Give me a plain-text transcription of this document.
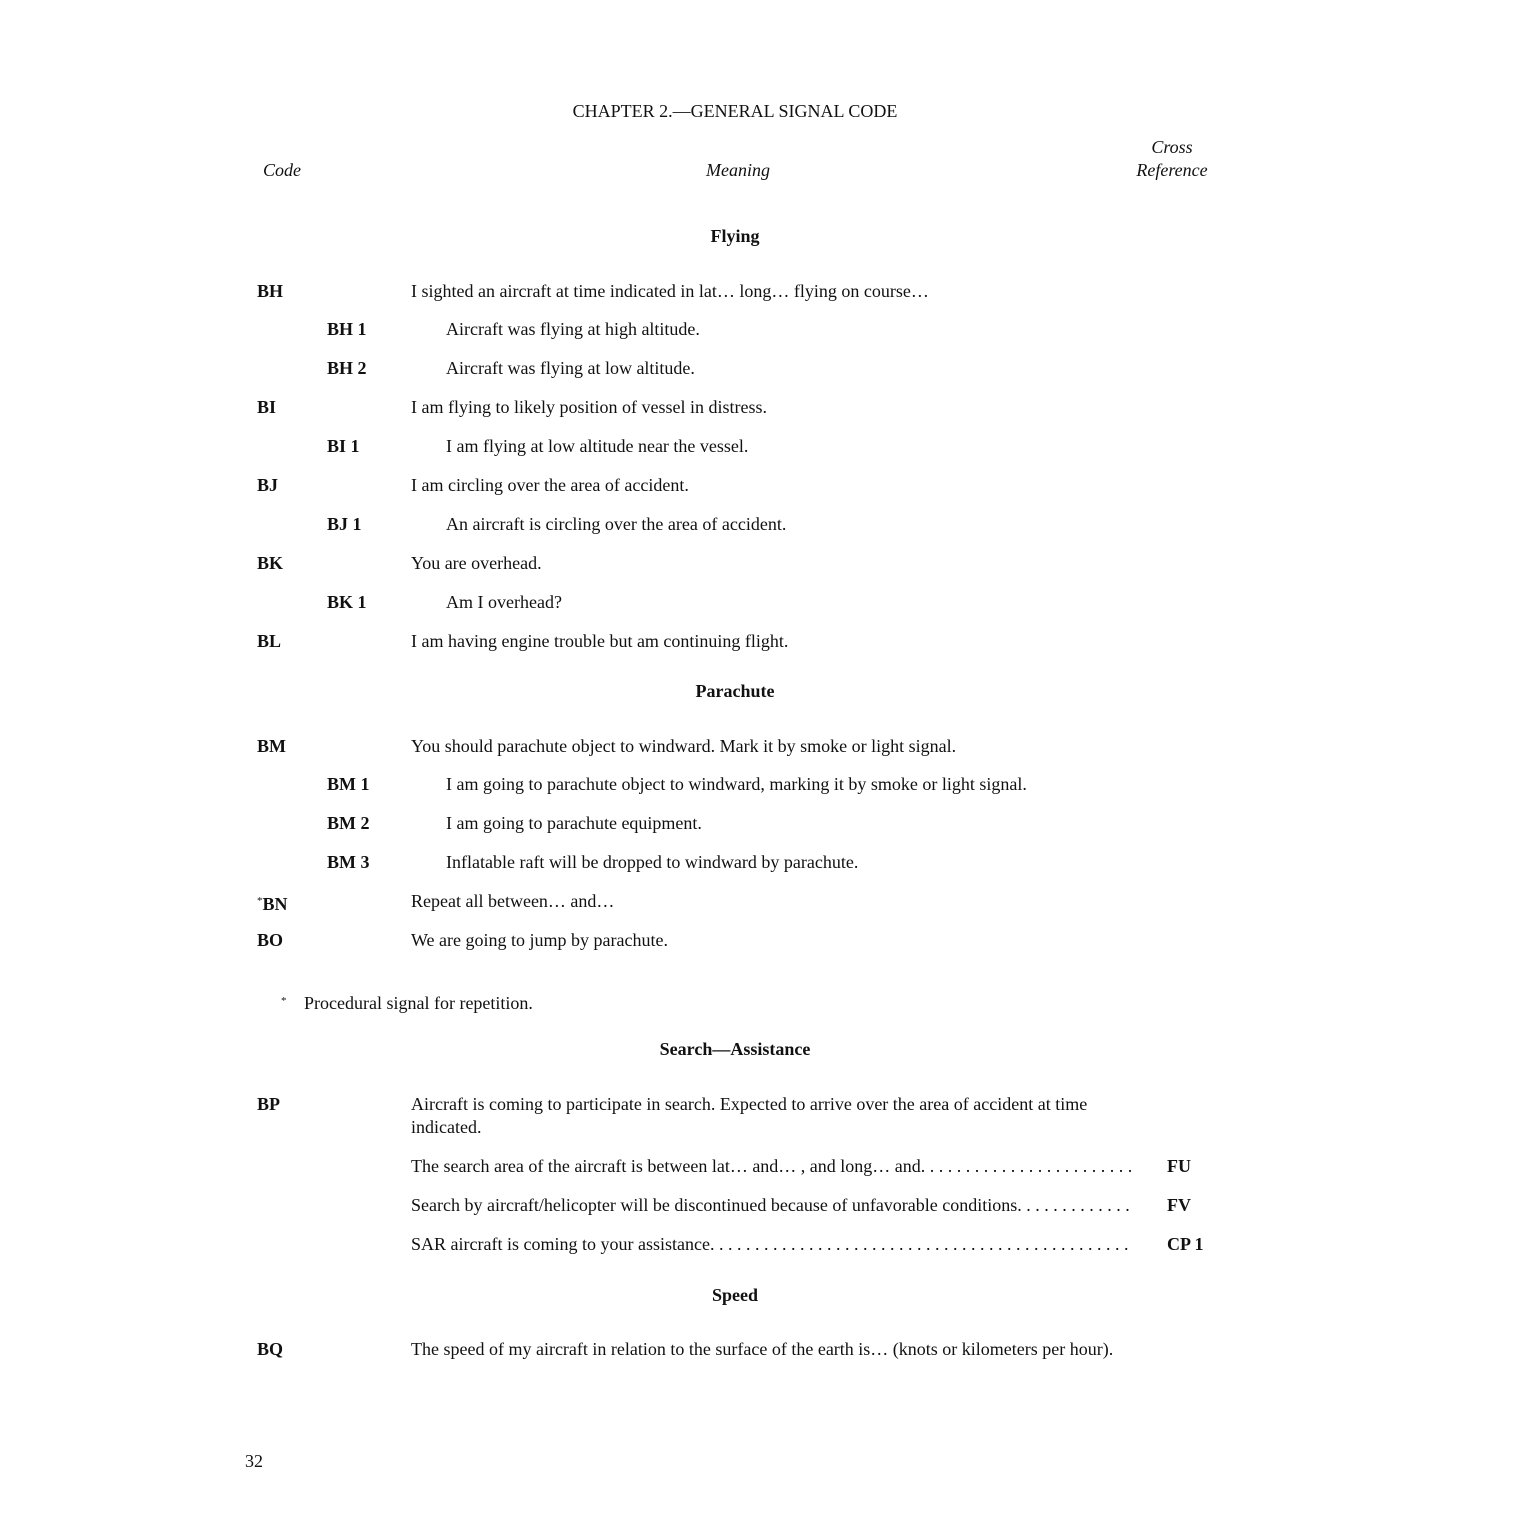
CHAPTER 2.—GENERAL SIGNAL CODE
Code	Meaning
Cross
Reference
Flying
BH	I sighted an aircraft at time indicated in lat… long… flying on course…
BH 1	Aircraft was flying at high altitude.
BH 2	Aircraft was flying at low altitude.
BI	I am flying to likely position of vessel in distress.
BI 1	I am flying at low altitude near the vessel.
BJ	I am circling over the area of accident.
BJ 1	An aircraft is circling over the area of accident.
BK	You are overhead.
BK 1	Am I overhead?
BL	I am having engine trouble but am continuing flight.
Parachute
BM	You should parachute object to windward. Mark it by smoke or light signal.
BM 1	I am going to parachute object to windward, marking it by smoke or light signal.
BM 2	I am going to parachute equipment.
BM 3	Inflatable raft will be dropped to windward by parachute.
*BN	Repeat all between… and…
BO	We are going to jump by parachute.
* Procedural signal for repetition.
Search—Assistance
BP	Aircraft is coming to participate in search. Expected to arrive over the area of accident at time indicated.
The search area of the aircraft is between lat… and… , and long… and . . .	FU
Search by aircraft/helicopter will be discontinued because of unfavorable conditions . . .	FV
SAR aircraft is coming to your assistance . . .	CP 1
Speed
BQ	The speed of my aircraft in relation to the surface of the earth is… (knots or kilometers per hour).
32
